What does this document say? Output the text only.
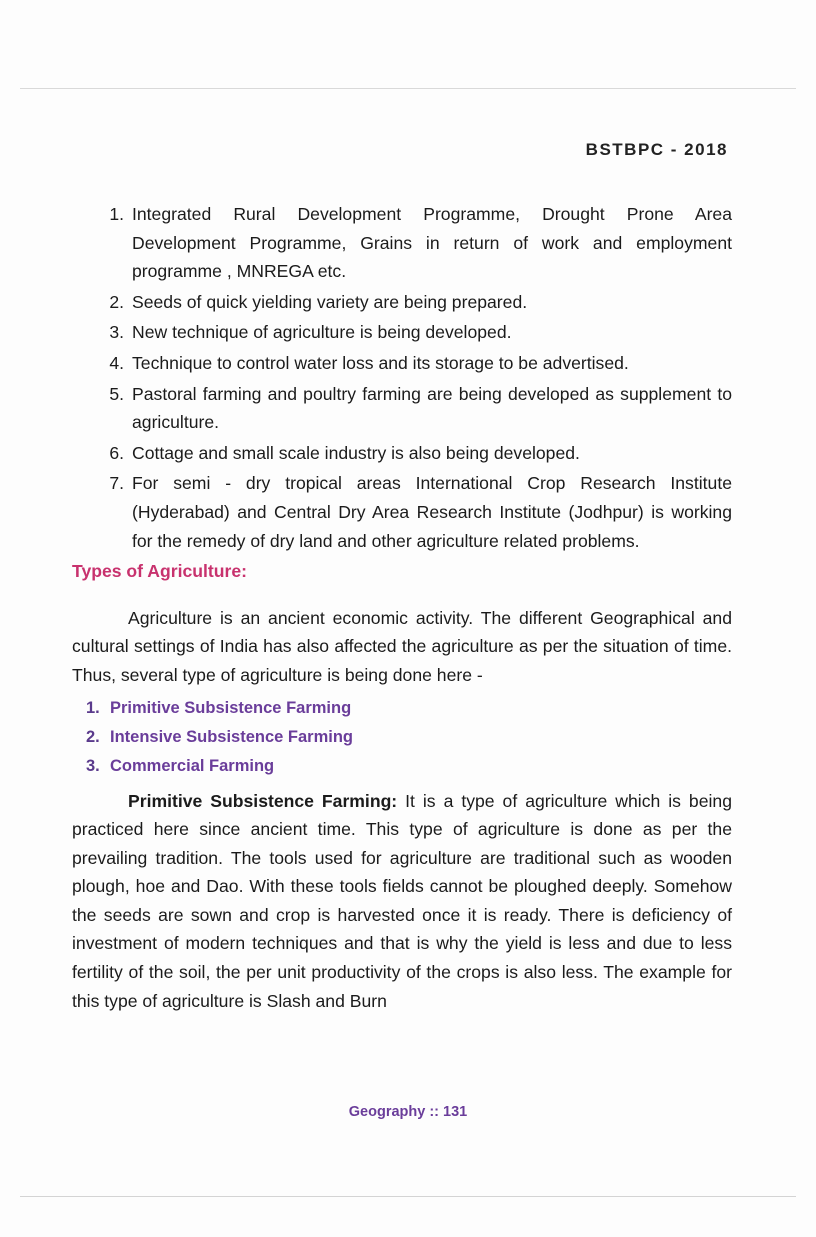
BSTBPC - 2018
1. Integrated Rural Development Programme, Drought Prone Area Development Programme, Grains in return of work and employment programme , MNREGA etc.
2. Seeds of quick yielding variety are being prepared.
3. New technique of agriculture is being developed.
4. Technique to control water loss and its storage to be advertised.
5. Pastoral farming and poultry farming are being developed as supplement to agriculture.
6. Cottage and small scale industry is also being developed.
7. For semi - dry tropical areas International Crop Research Institute (Hyderabad) and Central Dry Area Research Institute (Jodhpur) is working for the remedy of dry land and other agriculture related problems.
Types of Agriculture:

Agriculture is an ancient economic activity. The different Geographical and cultural settings of India has also affected the agriculture as per the situation of time. Thus, several type of agriculture is being done here -

1. Primitive Subsistence Farming
2. Intensive Subsistence Farming
3. Commercial Farming

Primitive Subsistence Farming: It is a type of agriculture which is being practiced here since ancient time. This type of agriculture is done as per the prevailing tradition. The tools used for agriculture are traditional such as wooden plough, hoe and Dao. With these tools fields cannot be ploughed deeply. Somehow the seeds are sown and crop is harvested once it is ready. There is deficiency of investment of modern techniques and that is why the yield is less and due to less fertility of the soil, the per unit productivity of the crops is also less. The example for this type of agriculture is Slash and Burn

Geography :: 131
